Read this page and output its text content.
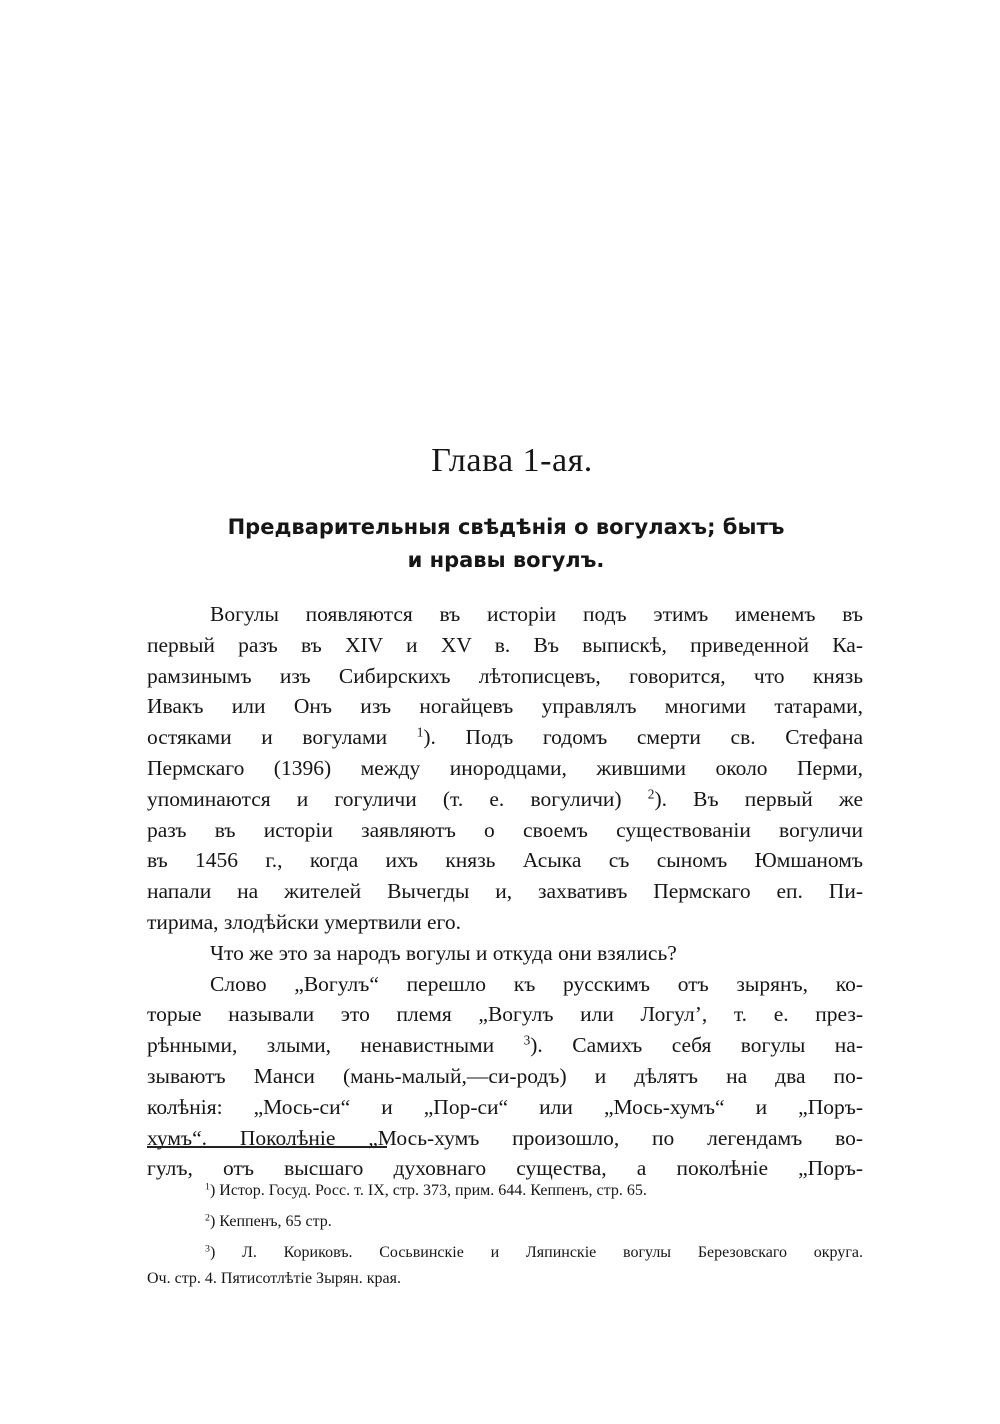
Глава 1-ая.
Предварительныя свѣдѣнія о вогулахъ; бытъ
и нравы вогулъ.
Вогулы появляются въ исторіи подъ этимъ именемъ въ
первый разъ въ XIV и XV в. Въ выпискѣ, приведенной Ка-
рамзинымъ изъ Сибирскихъ лѣтописцевъ, говорится, что князь
Ивакъ или Онъ изъ ногайцевъ управлялъ многими татарами,
остяками и вогулами $^1$). Подъ годомъ смерти св. Стефана
Пермскаго (1396) между инородцами, жившими около Перми,
упоминаются и гогуличи (т. е. вогуличи) $^2$). Въ первый же
разъ въ исторіи заявляютъ о своемъ существованіи вогуличи
въ 1456 г., когда ихъ князь Асыка съ сыномъ Юмшаномъ
напали на жителей Вычегды и, захвативъ Пермскаго еп. Пи-
тирима, злодѣйски умертвили его.
Что же это за народъ вогулы и откуда они взялись?
Слово „Вогулъ“ перешло къ русскимъ отъ зырянъ, ко-
торые называли это племя „Вогулъ или Логул’, т. е. през-
рѣнными, злыми, ненавистными $^3$). Самихъ себя вогулы на-
зываютъ Манси (мань-малый,—си-родъ) и дѣлятъ на два по-
колѣнія: „Мось-си“ и „Пор-си“ или „Мось-хумъ“ и „Поръ-
хумъ“. Поколѣніе „Мось-хумъ произошло, по легендамъ во-
гулъ, отъ высшаго духовнаго существа, а поколѣніе „Поръ-
$^1$) Истор. Госуд. Росс. т. IX, стр. 373, прим. 644. Кеппенъ, стр. 65.
$^2$) Кеппенъ, 65 стр.
$^3$) Л. Кориковъ. Сосьвинскіе и Ляпинскіе вогулы Березовскаго округа.
Оч. стр. 4. Пятисотлѣтіе Зырян. края.
